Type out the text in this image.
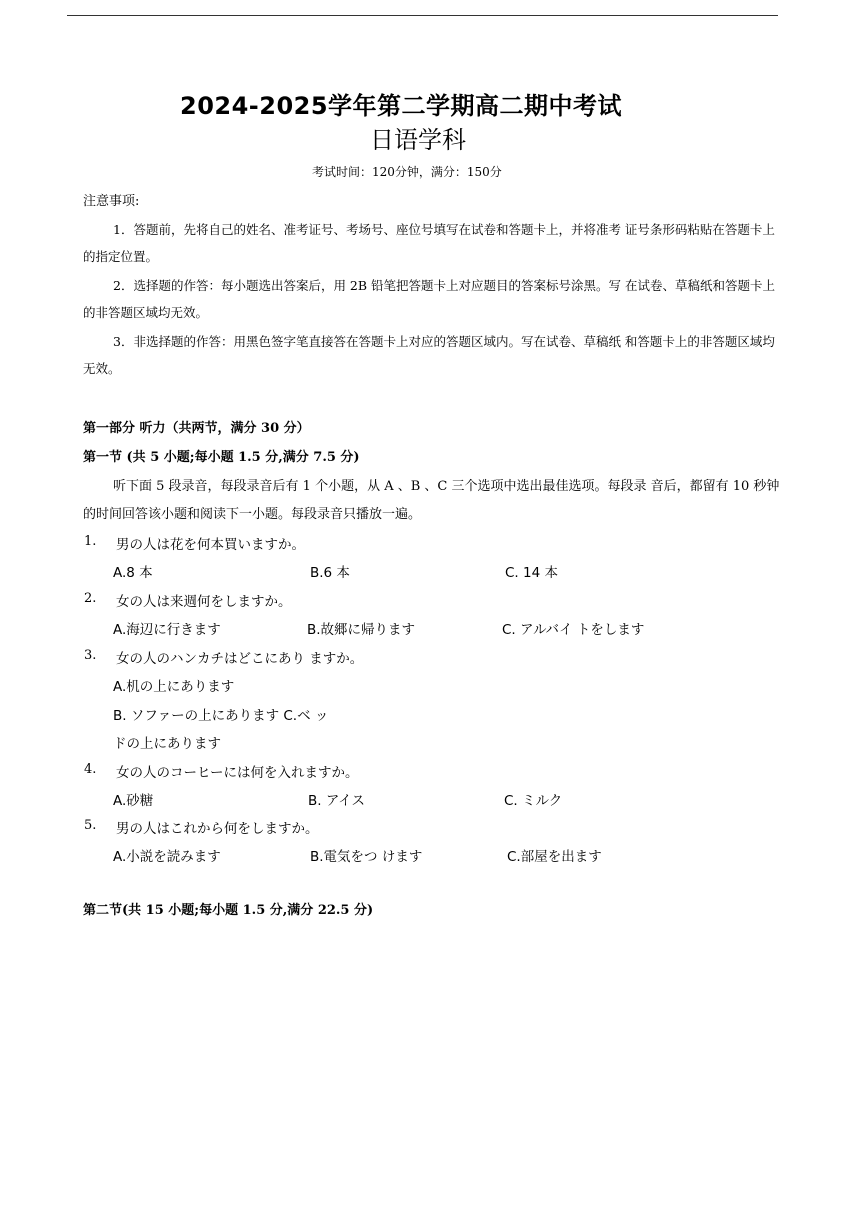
2024-2025学年第二学期高二期中考试
日语学科
考试时间：120分钟，满分：150分
注意事项:
1．答题前，先将自己的姓名、准考证号、考场号、座位号填写在试卷和答题卡上，并将准考 证号条形码粘贴在答题卡上的指定位置。
2．选择题的作答：每小题选出答案后，用 2B 铅笔把答题卡上对应题目的答案标号涂黑。写 在试卷、草稿纸和答题卡上的非答题区域均无效。
3．非选择题的作答：用黑色签字笔直接答在答题卡上对应的答题区域内。写在试卷、草稿纸 和答题卡上的非答题区域均无效。
第一部分 听力（共两节，满分 30 分）
第一节 (共 5 小题;每小题 1.5 分,满分 7.5 分)
听下面 5 段录音，每段录音后有 1 个小题，从 A 、B 、C 三个选项中选出最佳选项。每段录 音后，都留有 10 秒钟的时间回答该小题和阅读下一小题。每段录音只播放一遍。
1. 男の人は花を何本買いますか。
A.8 本	B.6 本	C. 14 本
2. 女の人は来週何をしますか。
A.海辺に行きます	B.故郷に帰ります	C. アルバイ トをします
3. 女の人のハンカチはどこにあり ますか。
A.机の上にあります
B. ソファーの上にあります C.ベ ッ
ドの上にあります
4. 女の人のコーヒーには何を入れますか。
A.砂糖	B. アイス	C. ミルク
5. 男の人はこれから何をしますか。
A.小説を読みます	B.電気をつ けます	C.部屋を出ます
第二节(共 15 小题;每小题 1.5 分,满分 22.5 分)
